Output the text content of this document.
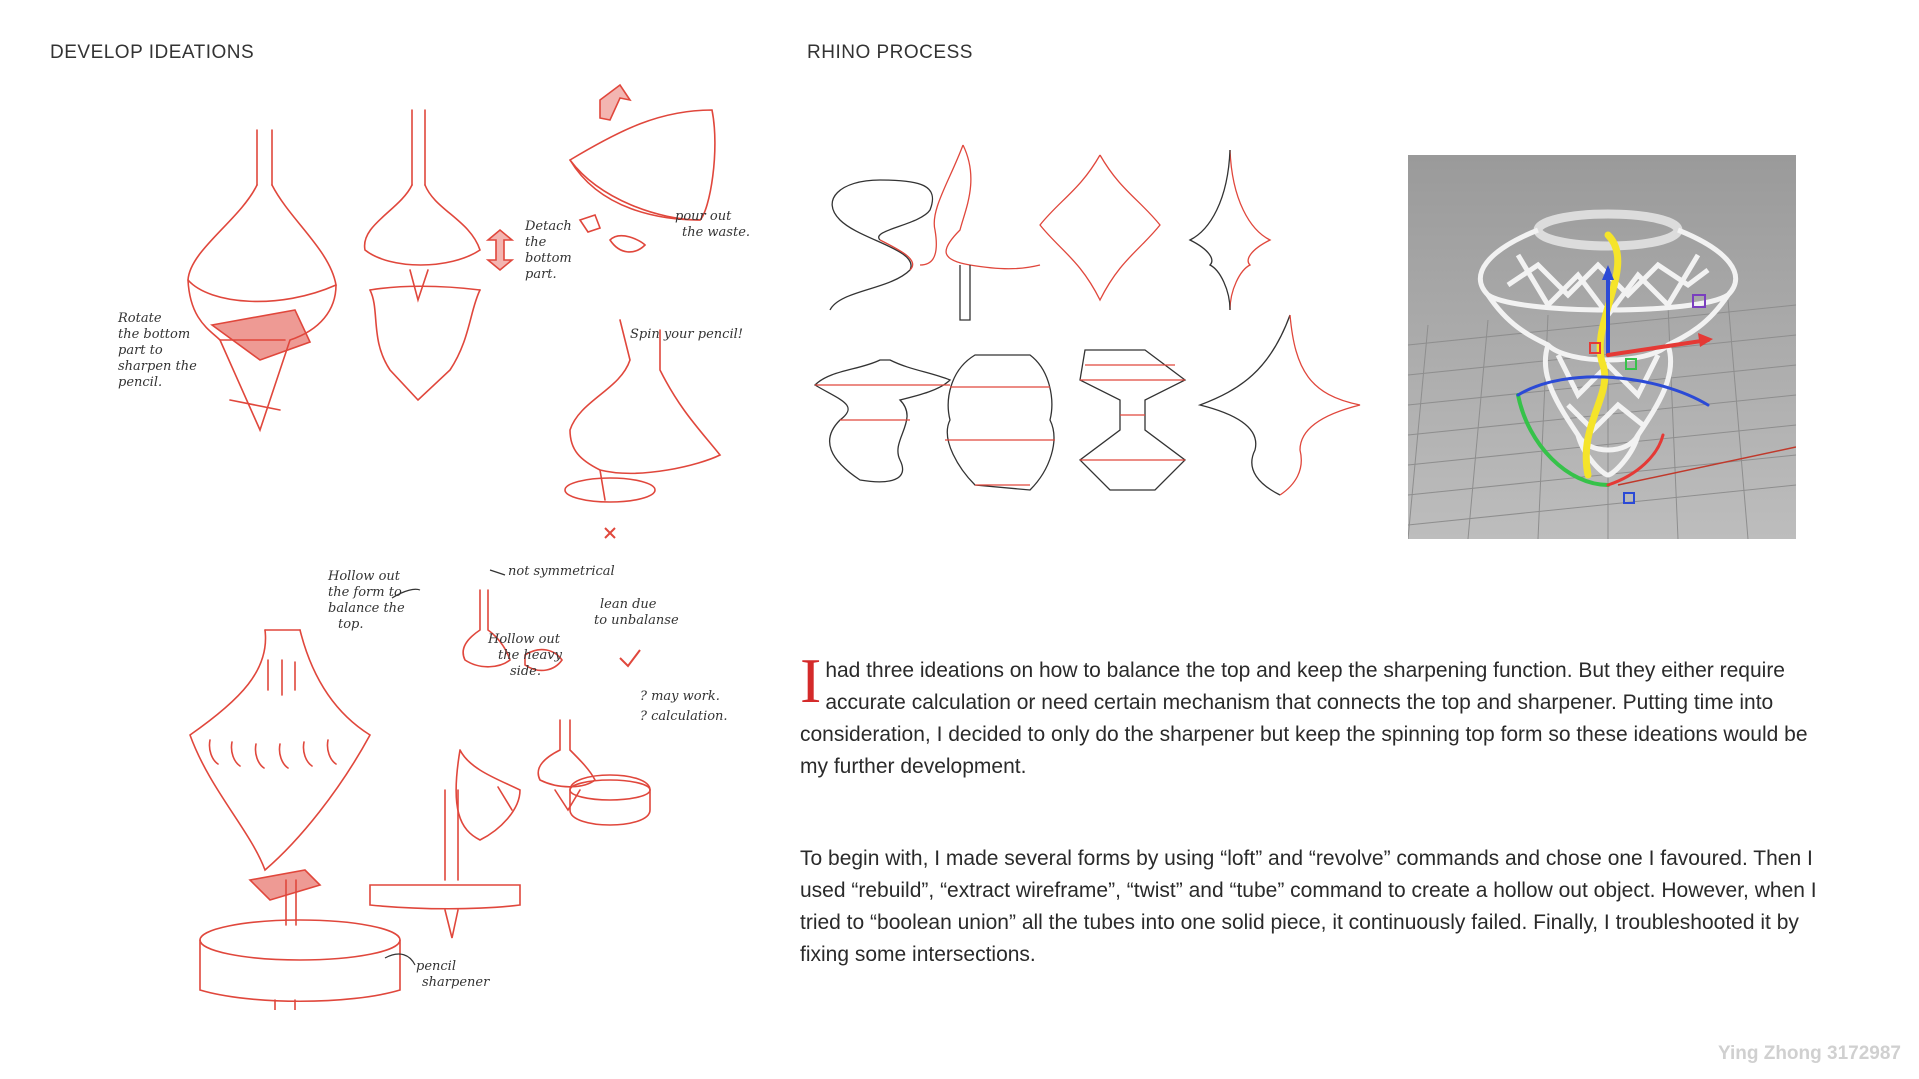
DEVELOP IDEATIONS	RHINO PROCESS
Rotate
the bottom
part to
sharpen the
pencil.
Detach
the
bottom
part.
pour out
the waste.
Spin your pencil!
Hollow out
the form to
balance the
top.
not symmetrical
lean due
to unbalanse
Hollow out
the heavy
side.
? may work.
? calculation.
pencil
sharpener
Ihad three ideations on how to balance the top and keep the sharpening function. But they either require accurate calculation or need certain mechanism that connects the top and sharpener. Putting time into consideration, I decided to only do the sharpener but keep the spinning top form so these ideations would be my further development.
To begin with, I made several forms by using “loft” and “revolve” commands and chose one I favoured. Then I used “rebuild”, “extract wireframe”, “twist” and “tube” command to create a hollow out object. However, when I tried to “boolean union” all the tubes into one solid piece, it continuously failed. Finally, I troubleshooted it by fixing some intersections.
Ying Zhong 3172987
